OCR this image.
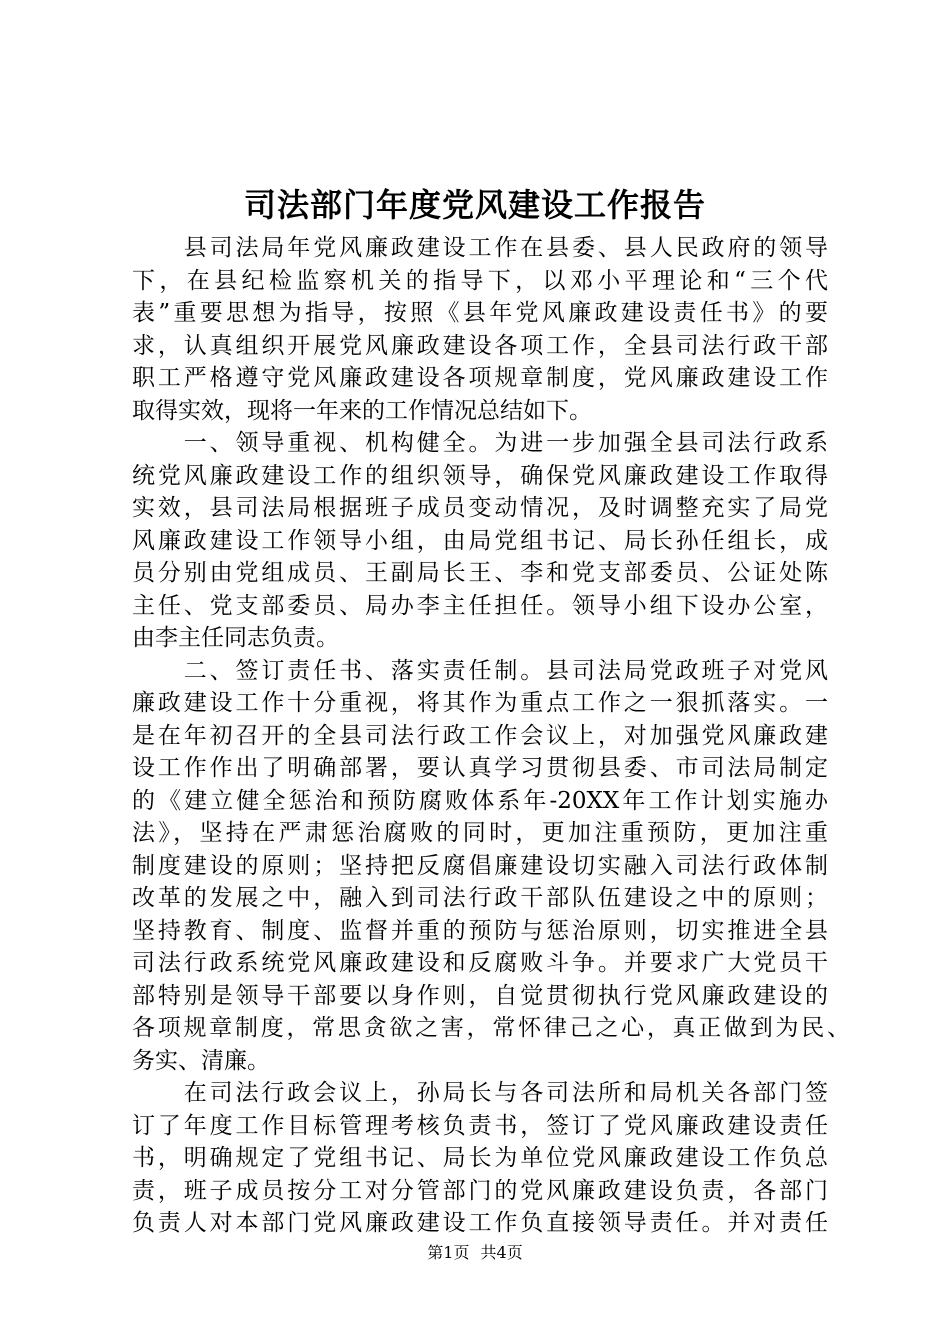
司法部门年度党风建设工作报告
　　县司法局年党风廉政建设工作在县委、县人民政府的领导
下，在县纪检监察机关的指导下，以邓小平理论和“三个代
表”重要思想为指导，按照《县年党风廉政建设责任书》的要
求，认真组织开展党风廉政建设各项工作，全县司法行政干部
职工严格遵守党风廉政建设各项规章制度，党风廉政建设工作
取得实效，现将一年来的工作情况总结如下。
　　一、领导重视、机构健全。为进一步加强全县司法行政系
统党风廉政建设工作的组织领导，确保党风廉政建设工作取得
实效，县司法局根据班子成员变动情况，及时调整充实了局党
风廉政建设工作领导小组，由局党组书记、局长孙任组长，成
员分别由党组成员、王副局长王、李和党支部委员、公证处陈
主任、党支部委员、局办李主任担任。领导小组下设办公室，
由李主任同志负责。
　　二、签订责任书、落实责任制。县司法局党政班子对党风
廉政建设工作十分重视，将其作为重点工作之一狠抓落实。一
是在年初召开的全县司法行政工作会议上，对加强党风廉政建
设工作作出了明确部署，要认真学习贯彻县委、市司法局制定
的《建立健全惩治和预防腐败体系年-20XX年工作计划实施办
法》，坚持在严肃惩治腐败的同时，更加注重预防，更加注重
制度建设的原则；坚持把反腐倡廉建设切实融入司法行政体制
改革的发展之中，融入到司法行政干部队伍建设之中的原则；
坚持教育、制度、监督并重的预防与惩治原则，切实推进全县
司法行政系统党风廉政建设和反腐败斗争。并要求广大党员干
部特别是领导干部要以身作则，自觉贯彻执行党风廉政建设的
各项规章制度，常思贪欲之害，常怀律己之心，真正做到为民、
务实、清廉。
　　在司法行政会议上，孙局长与各司法所和局机关各部门签
订了年度工作目标管理考核负责书，签订了党风廉政建设责任
书，明确规定了党组书记、局长为单位党风廉政建设工作负总
责，班子成员按分工对分管部门的党风廉政建设负责，各部门
负责人对本部门党风廉政建设工作负直接领导责任。并对责任
第1页 共4页
